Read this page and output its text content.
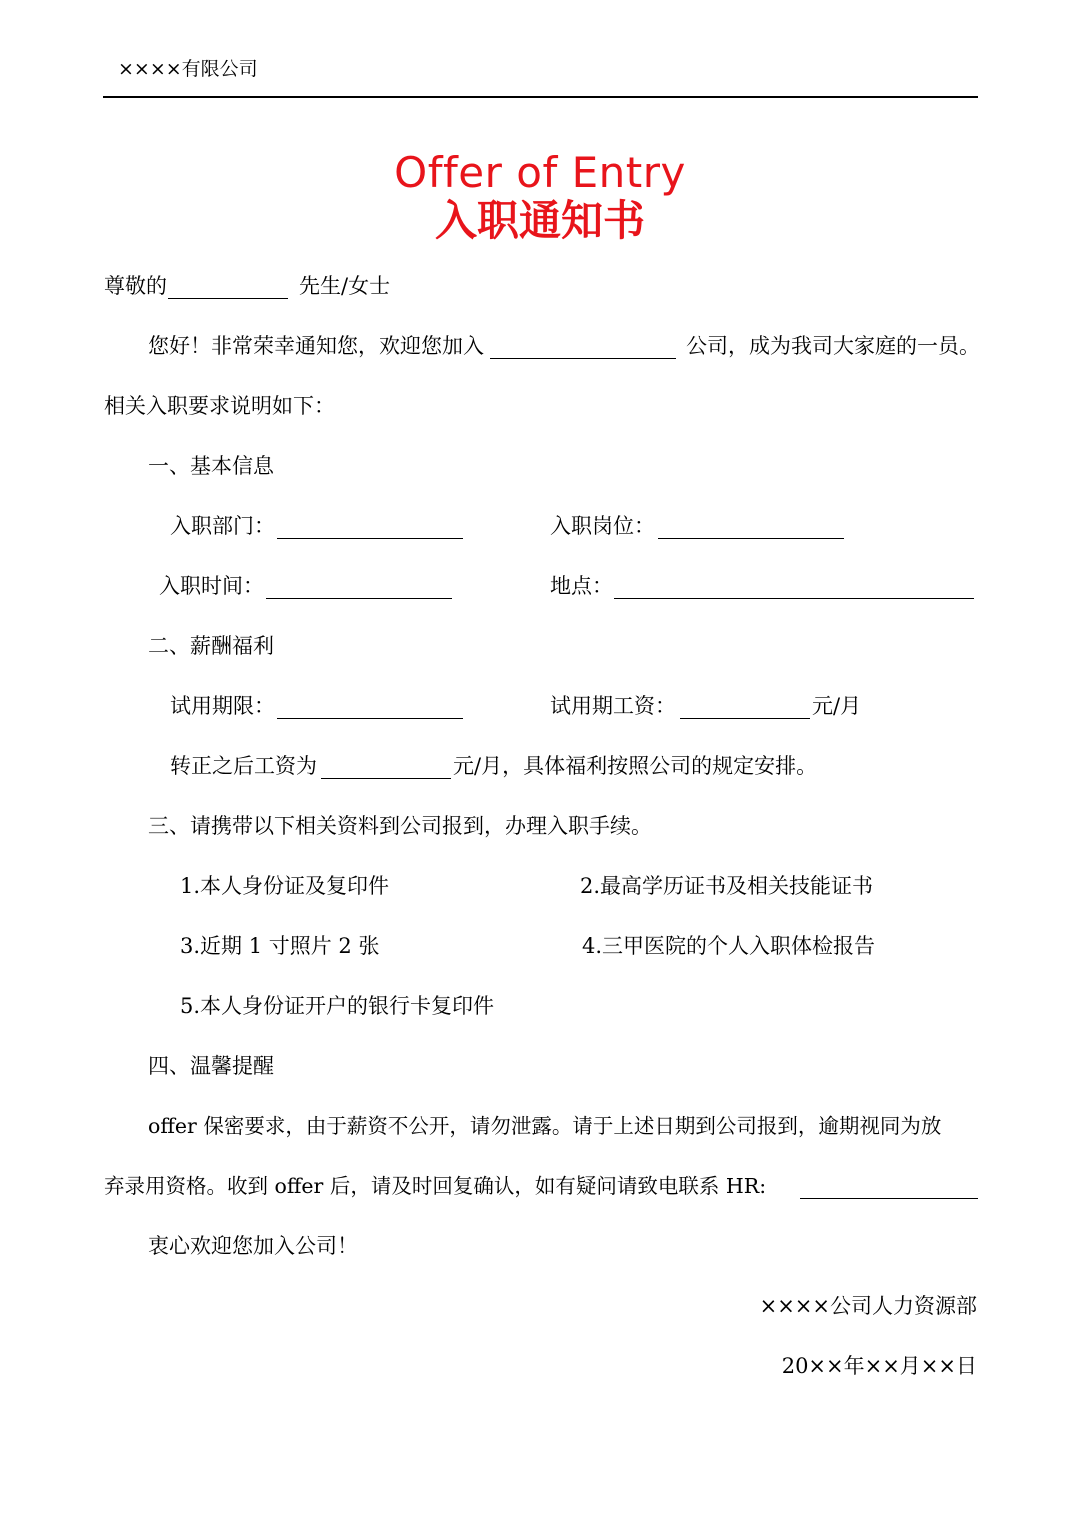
××××有限公司
Offer of Entry
入职通知书
尊敬的	先生/女士
您好！非常荣幸通知您，欢迎您加入	公司，成为我司大家庭的一员。
相关入职要求说明如下：
一、基本信息
入职部门：	入职岗位：
入职时间：	地点：
二、薪酬福利
试用期限：	试用期工资：	元/月
转正之后工资为	元/月，具体福利按照公司的规定安排。
三、请携带以下相关资料到公司报到，办理入职手续。
1.本人身份证及复印件	2.最高学历证书及相关技能证书
3.近期 1 寸照片 2 张	4.三甲医院的个人入职体检报告
5.本人身份证开户的银行卡复印件
四、温馨提醒
offer 保密要求，由于薪资不公开，请勿泄露。请于上述日期到公司报到，逾期视同为放
弃录用资格。收到 offer 后，请及时回复确认，如有疑问请致电联系 HR:
衷心欢迎您加入公司！
××××公司人力资源部
20××年××月××日
